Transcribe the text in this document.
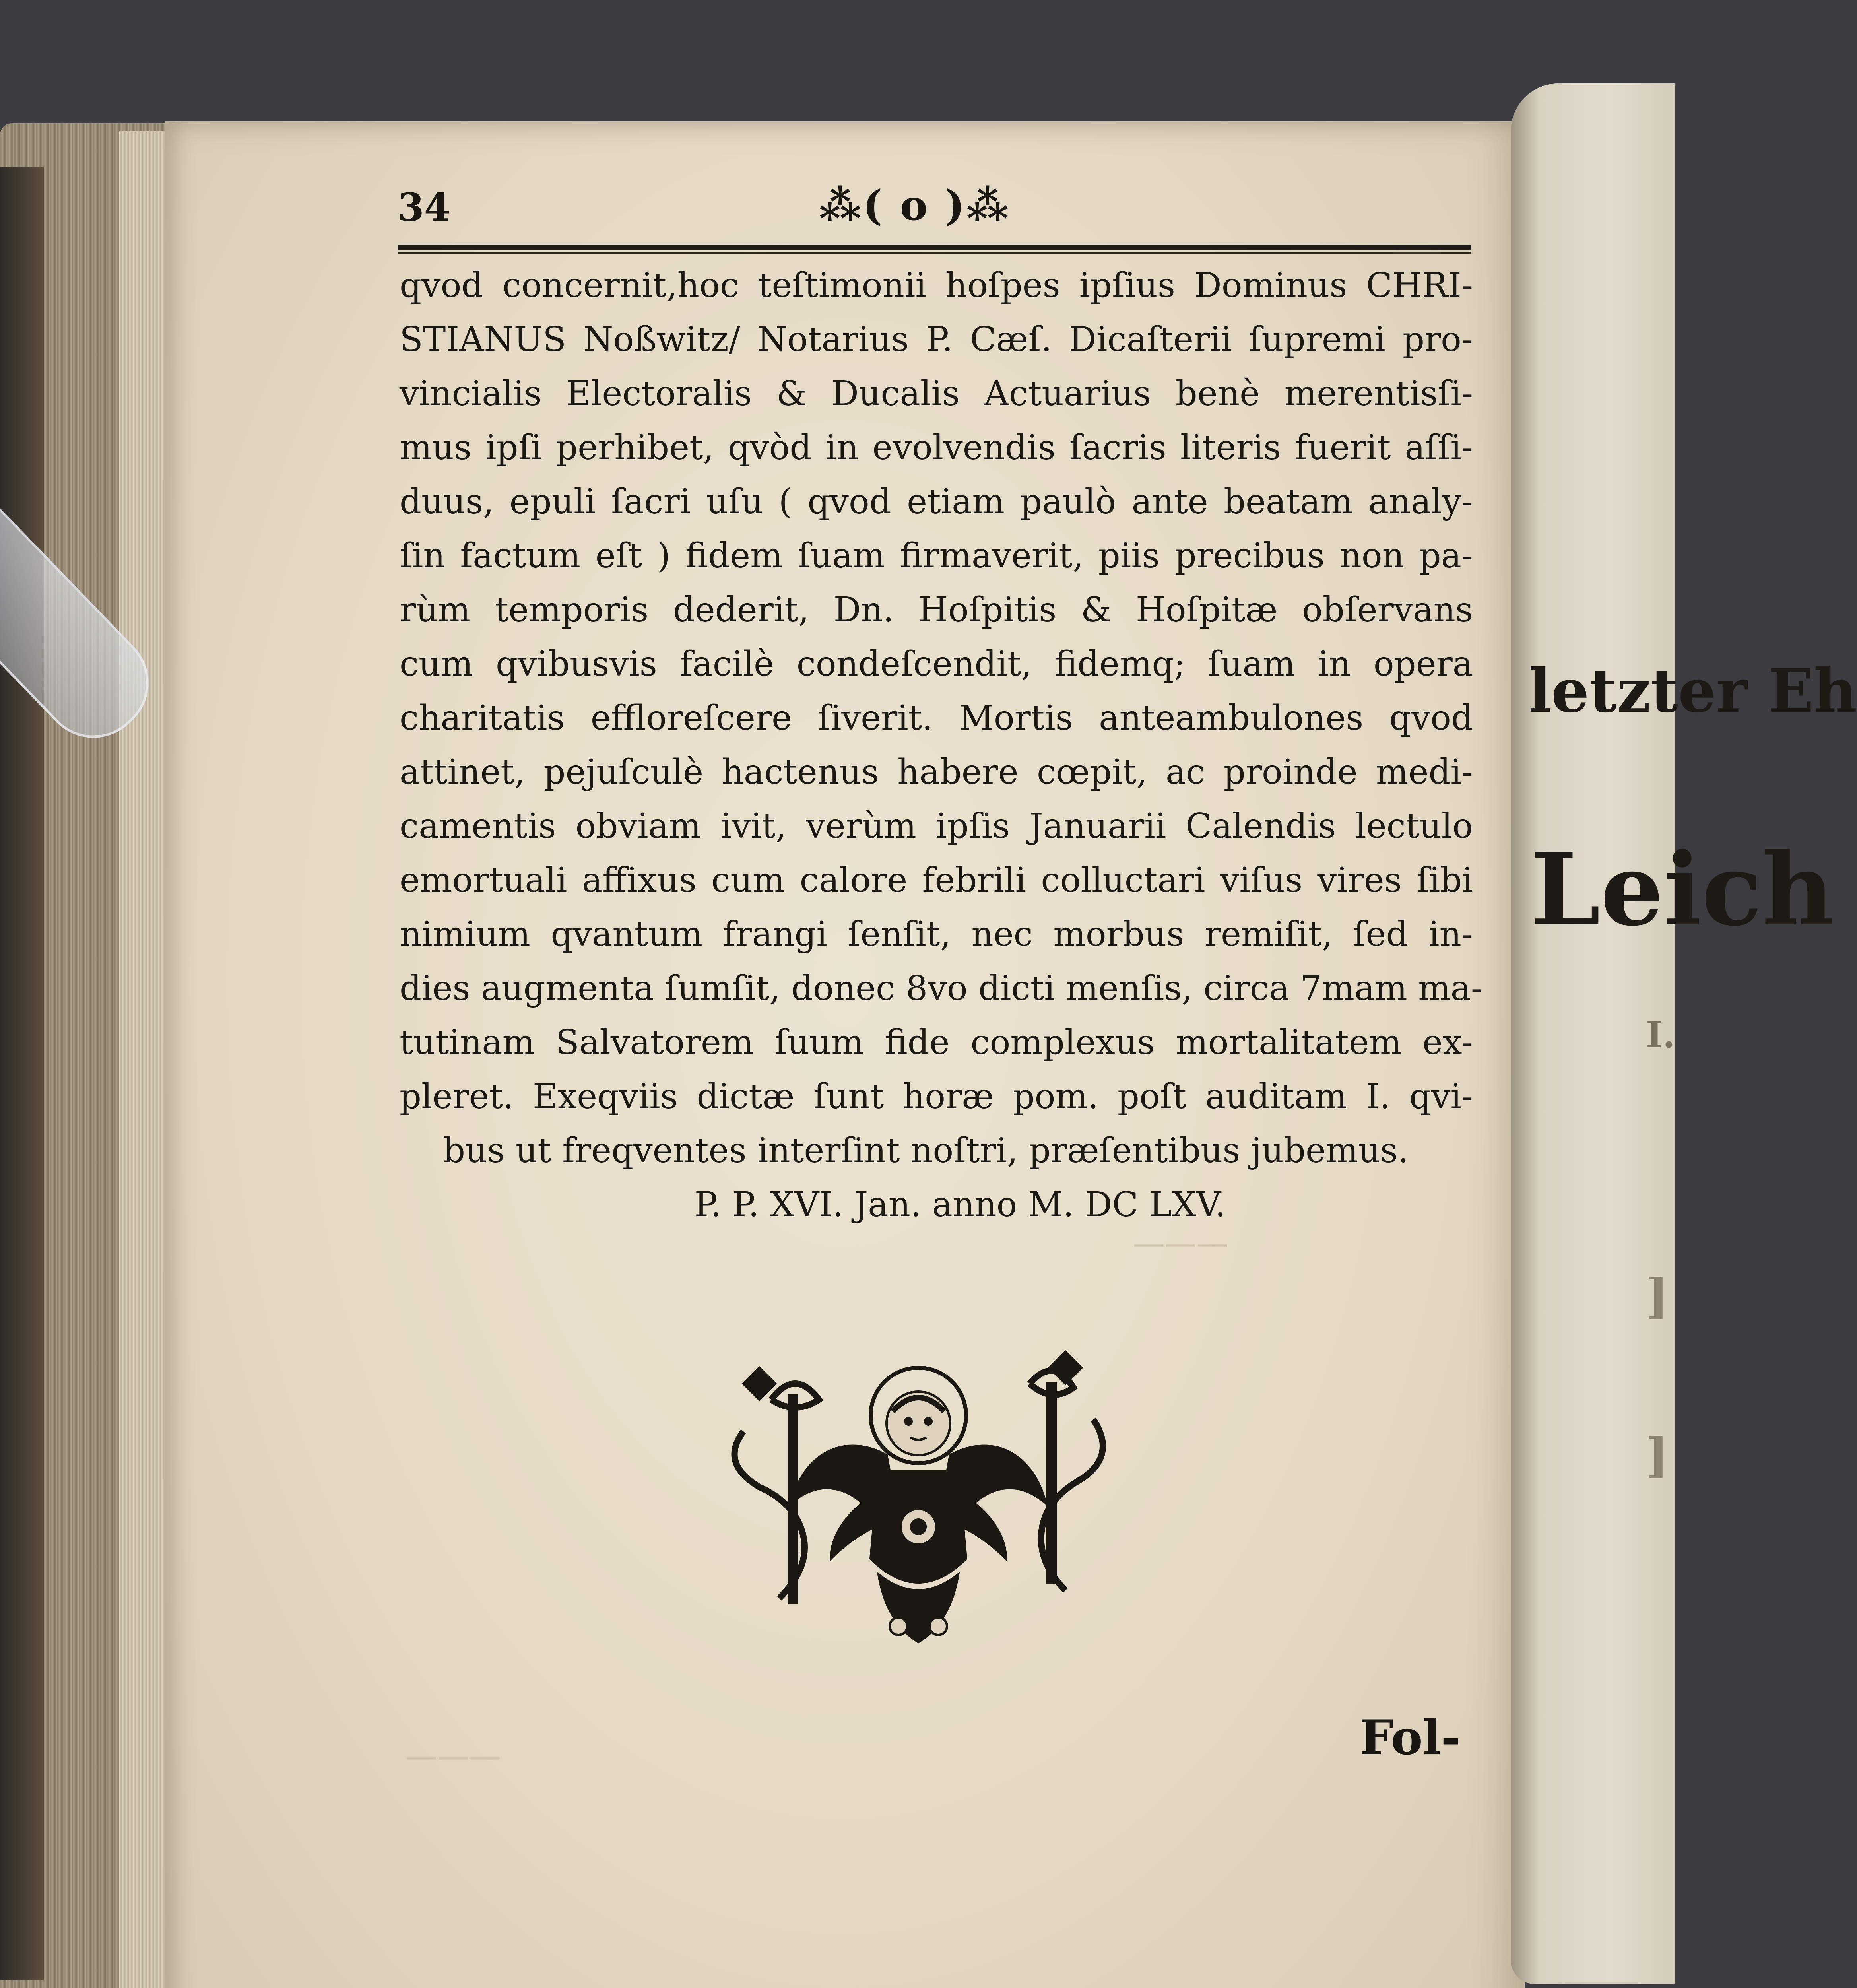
———
———
letzter Eh
Leich
I.
]
]
34	⁂( o )⁂
qvod concernit,hoc teſtimonii hoſpes ipſius Dominus CHRI-
STIANUS Noßwitz/ Notarius P. Cæſ. Dicaſterii ſupremi pro-
vincialis Electoralis & Ducalis Actuarius benè merentisſi-
mus ipſi perhibet, qvòd in evolvendis ſacris literis fuerit aſſi-
duus, epuli ſacri uſu ( qvod etiam paulò ante beatam analy-
ſin factum eſt ) fidem ſuam firmaverit, piis precibus non pa-
rùm temporis dederit, Dn. Hoſpitis & Hoſpitæ obſervans
cum qvibusvis facilè condeſcendit, fidemq; ſuam in opera
charitatis efflorеſcere ſiverit. Mortis anteambulones qvod
attinet, pejuſculè hactenus habere cœpit, ac proinde medi-
camentis obviam ivit, verùm ipſis Januarii Calendis lectulo
emortuali affixus cum calore febrili colluctari viſus vires ſibi
nimium qvantum frangi ſenſit, nec morbus remiſit, ſed in-
dies augmenta ſumſit, donec 8vo dicti menſis, circa 7mam ma-
tutinam Salvatorem ſuum fide complexus mortalitatem ex-
pleret. Exeqviis dictæ ſunt horæ pom. poſt auditam I. qvi-
bus ut freqventes interſint noſtri, præſentibus jubemus.
P. P. XVI. Jan. anno M. DC LXV.
Fol-
